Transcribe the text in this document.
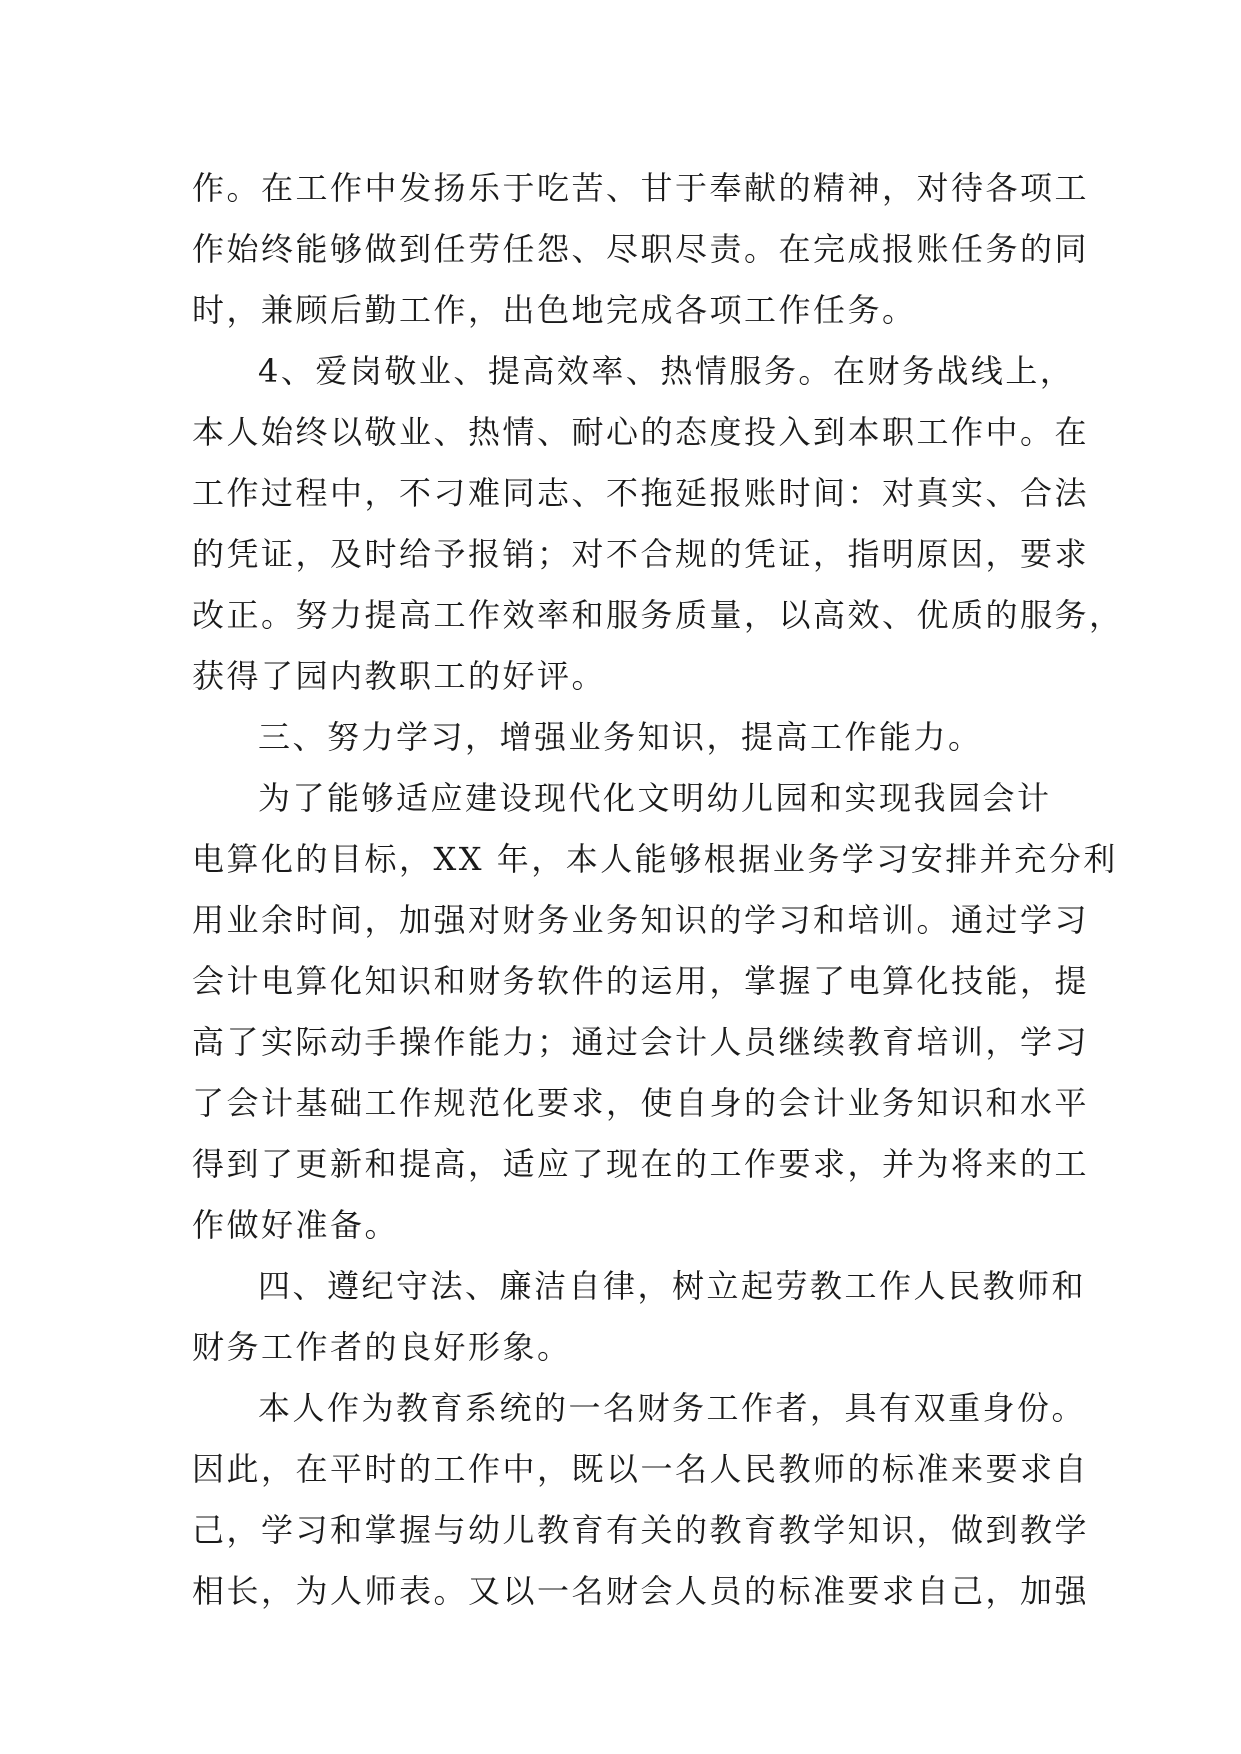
作。在工作中发扬乐于吃苦、甘于奉献的精神，对待各项工
作始终能够做到任劳任怨、尽职尽责。在完成报账任务的同
时，兼顾后勤工作，出色地完成各项工作任务。
4、爱岗敬业、提高效率、热情服务。在财务战线上，
本人始终以敬业、热情、耐心的态度投入到本职工作中。在
工作过程中，不刁难同志、不拖延报账时间：对真实、合法
的凭证，及时给予报销；对不合规的凭证，指明原因，要求
改正。努力提高工作效率和服务质量，以高效、优质的服务，
获得了园内教职工的好评。
三、努力学习，增强业务知识，提高工作能力。
为了能够适应建设现代化文明幼儿园和实现我园会计
电算化的目标，XX 年，本人能够根据业务学习安排并充分利
用业余时间，加强对财务业务知识的学习和培训。通过学习
会计电算化知识和财务软件的运用，掌握了电算化技能，提
高了实际动手操作能力；通过会计人员继续教育培训，学习
了会计基础工作规范化要求，使自身的会计业务知识和水平
得到了更新和提高，适应了现在的工作要求，并为将来的工
作做好准备。
四、遵纪守法、廉洁自律，树立起劳教工作人民教师和
财务工作者的良好形象。
本人作为教育系统的一名财务工作者，具有双重身份。
因此，在平时的工作中，既以一名人民教师的标准来要求自
己，学习和掌握与幼儿教育有关的教育教学知识，做到教学
相长，为人师表。又以一名财会人员的标准要求自己，加强
